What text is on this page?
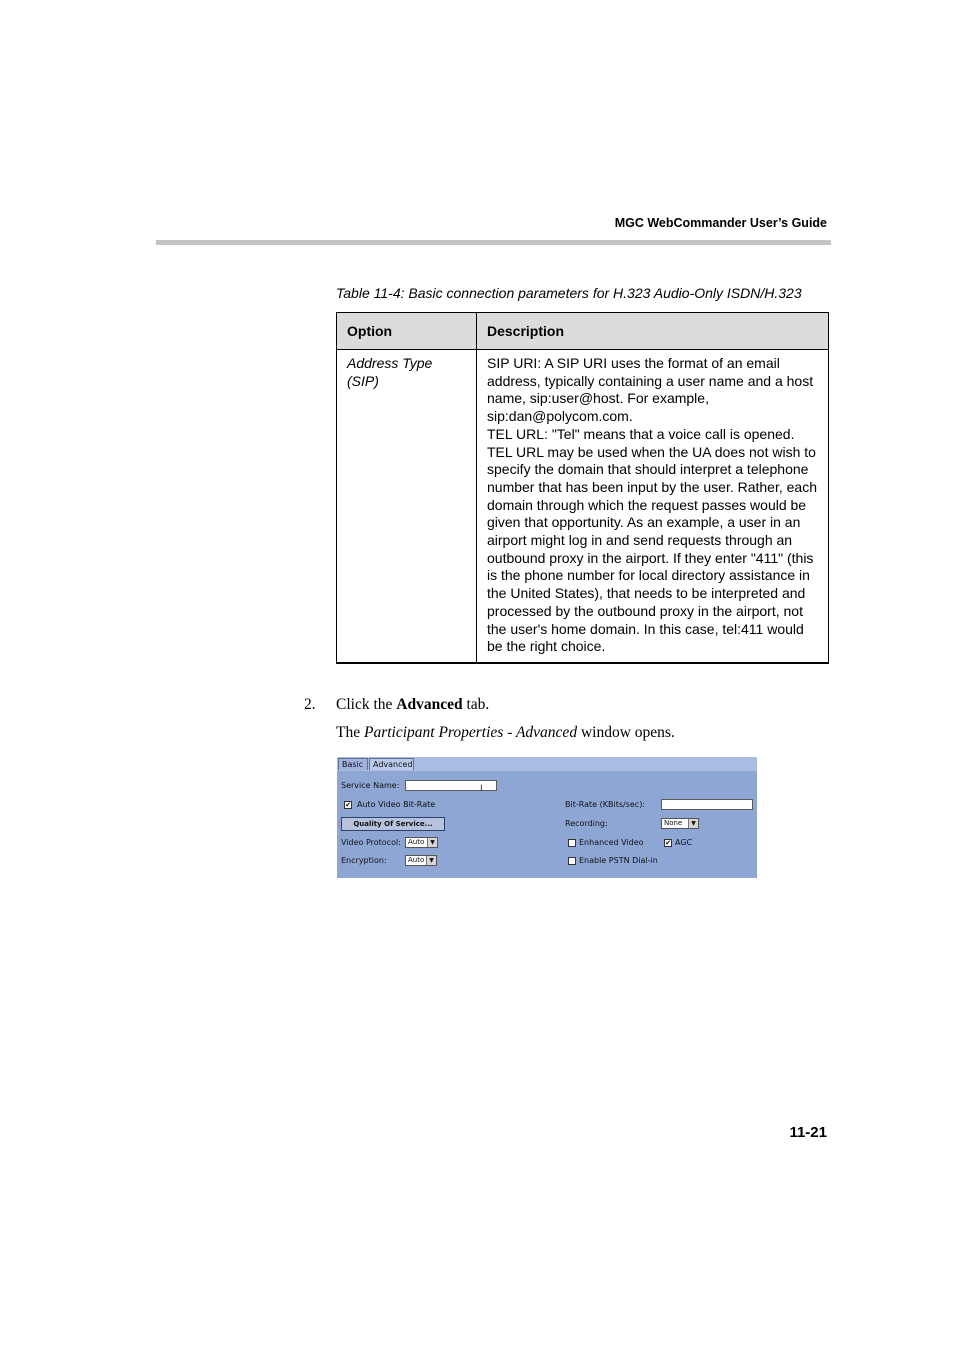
MGC WebCommander User’s Guide
Table 11-4: Basic connection parameters for H.323 Audio-Only ISDN/H.323
Option	Description
Address Type (SIP)	SIP URI: A SIP URI uses the format of an email address, typically containing a user name and a host name, sip:user@host. For example, sip:dan@polycom.com.

TEL URL: "Tel" means that a voice call is opened. TEL URL may be used when the UA does not wish to specify the domain that should interpret a telephone number that has been input by the user. Rather, each domain through which the request passes would be given that opportunity. As an example, a user in an airport might log in and send requests through an outbound proxy in the airport. If they enter "411" (this is the phone number for local directory assistance in the United States), that needs to be interpreted and processed by the outbound proxy in the airport, not the user's home domain. In this case, tel:411 would be the right choice.

2. Click the Advanced tab.
The Participant Properties - Advanced window opens.
Basic	Advanced
Service Name:	I
✔ Auto Video Bit-Rate
Quality Of Service...
Video Protocol:	Auto ▼
Encryption:	Auto ▼
Bit-Rate (KBits/sec):
Recording:	None	▼
Enhanced Video	✔ AGC
Enable PSTN Dial-in
11-21
